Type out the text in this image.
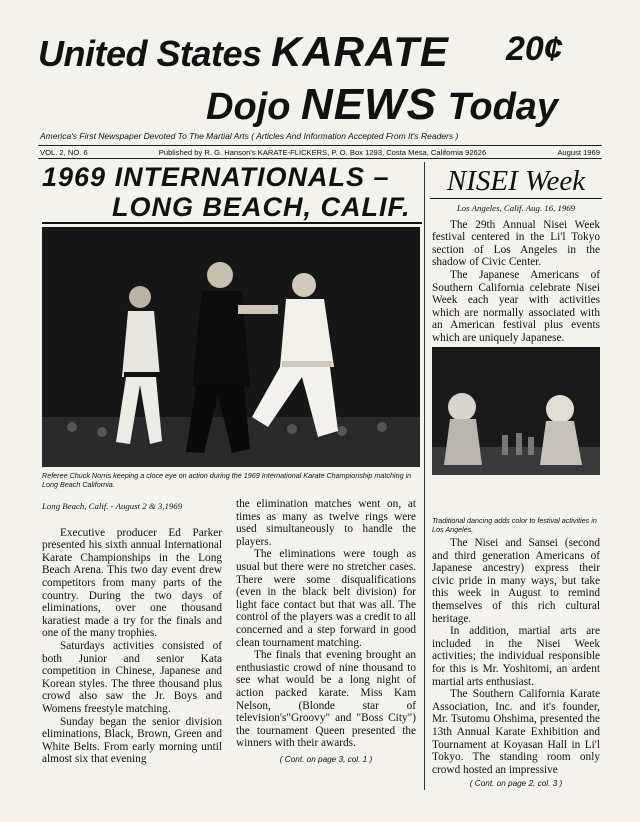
United States KARATE 20¢
Dojo NEWS Today
America's First Newspaper Devoted To The Martial Arts ( Articles And Information Accepted From It's Readers )
VOL. 2, NO. 6	Published by R. G. Hanson's KARATE-FLICKERS, P. O. Box 1293, Costa Mesa, California 92626	August 1969
1969 INTERNATIONALS –
LONG BEACH, CALIF.
Referee Chuck Norris keeping a cloce eye on action during the 1969 International Karate Championship matching in Long Beach California.
Long Beach, Calif. - August 2 & 3,1969

Executive producer Ed Parker presented his sixth annual International Karate Championships in the Long Beach Arena. This two day event drew competitors from many parts of the country. During the two days of eliminations, over one thousand karatiest made a try for the finals and one of the many trophies.

Saturdays activities consisted of both Junior and senior Kata competition in Chinese, Japanese and Korean styles. The three thousand plus crowd also saw the Jr. Boys and Womens freestyle matching.

Sunday began the senior division eliminations, Black, Brown, Green and White Belts. From early morning until almost six that evening

the elimination matches went on, at times as many as twelve rings were used simultaneously to handle the players.

The eliminations were tough as usual but there were no stretcher cases. There were some disqualifications (even in the black belt division) for light face contact but that was all. The control of the players was a credit to all concerned and a step forward in good clean tournament matching.

The finals that evening brought an enthusiastic crowd of nine thousand to see what would be a long night of action packed karate. Miss Kam Nelson, (Blonde star of television's"Groovy" and "Boss City") the tournament Queen presented the winners with their awards.

( Cont. on page 3, col. 1 )
NISEI Week
Los Angeles, Calif. Aug. 16, 1969

The 29th Annual Nisei Week festival centered in the Li'l Tokyo section of Los Angeles in the shadow of Civic Center.

The Japanese Americans of Southern California celebrate Nisei Week each year with activities which are normally associated with an American festival plus events which are uniquely Japanese.

Traditional dancing adds color to festival activities in Los Angeles.

The Nisei and Sansei (second and third generation Americans of Japanese ancestry) express their civic pride in many ways, but take this week in August to remind themselves of this rich cultural heritage.

In addition, martial arts are included in the Nisei Week activities; the individual responsible for this is Mr. Yoshitomi, an ardent martial arts enthusiast.

The Southern California Karate Association, Inc. and it's founder, Mr. Tsutomu Ohshima, presented the 13th Annual Karate Exhibition and Tournament at Koyasan Hall in Li'l Tokyo. The standing room only crowd hosted an impressive

( Cont. on page 2, col. 3 )
